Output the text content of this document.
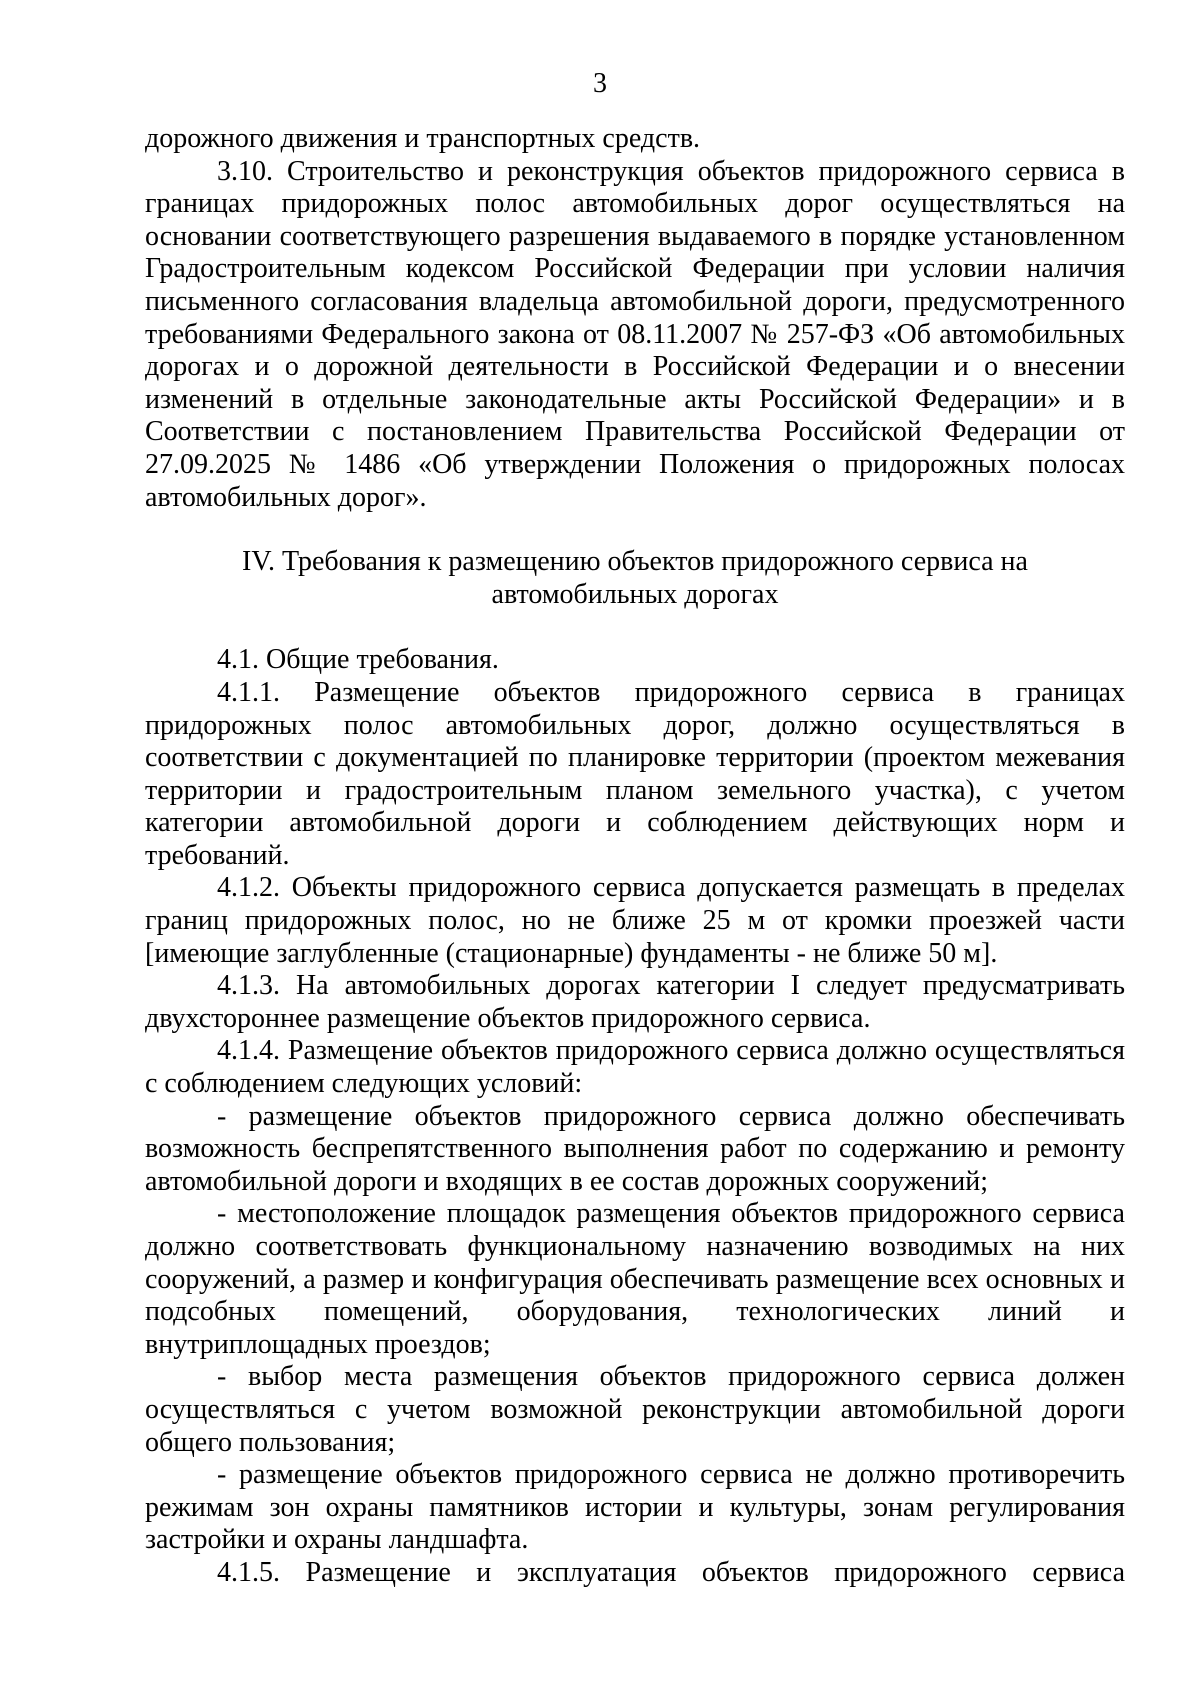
3

дорожного движения и транспортных средств.

3.10. Строительство и реконструкция объектов придорожного сервиса в границах придорожных полос автомобильных дорог осуществляться на основании соответствующего разрешения выдаваемого в порядке установленном Градостроительным кодексом Российской Федерации при условии наличия письменного согласования владельца автомобильной дороги, предусмотренного требованиями Федерального закона от 08.11.2007 № 257-ФЗ «Об автомобильных дорогах и о дорожной деятельности в Российской Федерации и о внесении изменений в отдельные законодательные акты Российской Федерации» и в Соответствии с постановлением Правительства Российской Федерации от 27.09.2025 № 1486 «Об утверждении Положения о придорожных полосах автомобильных дорог».

IV. Требования к размещению объектов придорожного сервиса на

автомобильных дорогах

4.1. Общие требования.

4.1.1. Размещение объектов придорожного сервиса в границах придорожных полос автомобильных дорог, должно осуществляться в соответствии с документацией по планировке территории (проектом межевания территории и градостроительным планом земельного участка), с учетом категории автомобильной дороги и соблюдением действующих норм и требований.

4.1.2. Объекты придорожного сервиса допускается размещать в пределах границ придорожных полос, но не ближе 25 м от кромки проезжей части [имеющие заглубленные (стационарные) фундаменты - не ближе 50 м].

4.1.3. На автомобильных дорогах категории I следует предусматривать двухстороннее размещение объектов придорожного сервиса.

4.1.4. Размещение объектов придорожного сервиса должно осуществляться с соблюдением следующих условий:

- размещение объектов придорожного сервиса должно обеспечивать возможность беспрепятственного выполнения работ по содержанию и ремонту автомобильной дороги и входящих в ее состав дорожных сооружений;

- местоположение площадок размещения объектов придорожного сервиса должно соответствовать функциональному назначению возводимых на них сооружений, а размер и конфигурация обеспечивать размещение всех основных и подсобных помещений, оборудования, технологических линий и внутриплощадных проездов;

- выбор места размещения объектов придорожного сервиса должен осуществляться с учетом возможной реконструкции автомобильной дороги общего пользования;

- размещение объектов придорожного сервиса не должно противоречить режимам зон охраны памятников истории и культуры, зонам регулирования застройки и охраны ландшафта.

4.1.5. Размещение и эксплуатация объектов придорожного сервиса
